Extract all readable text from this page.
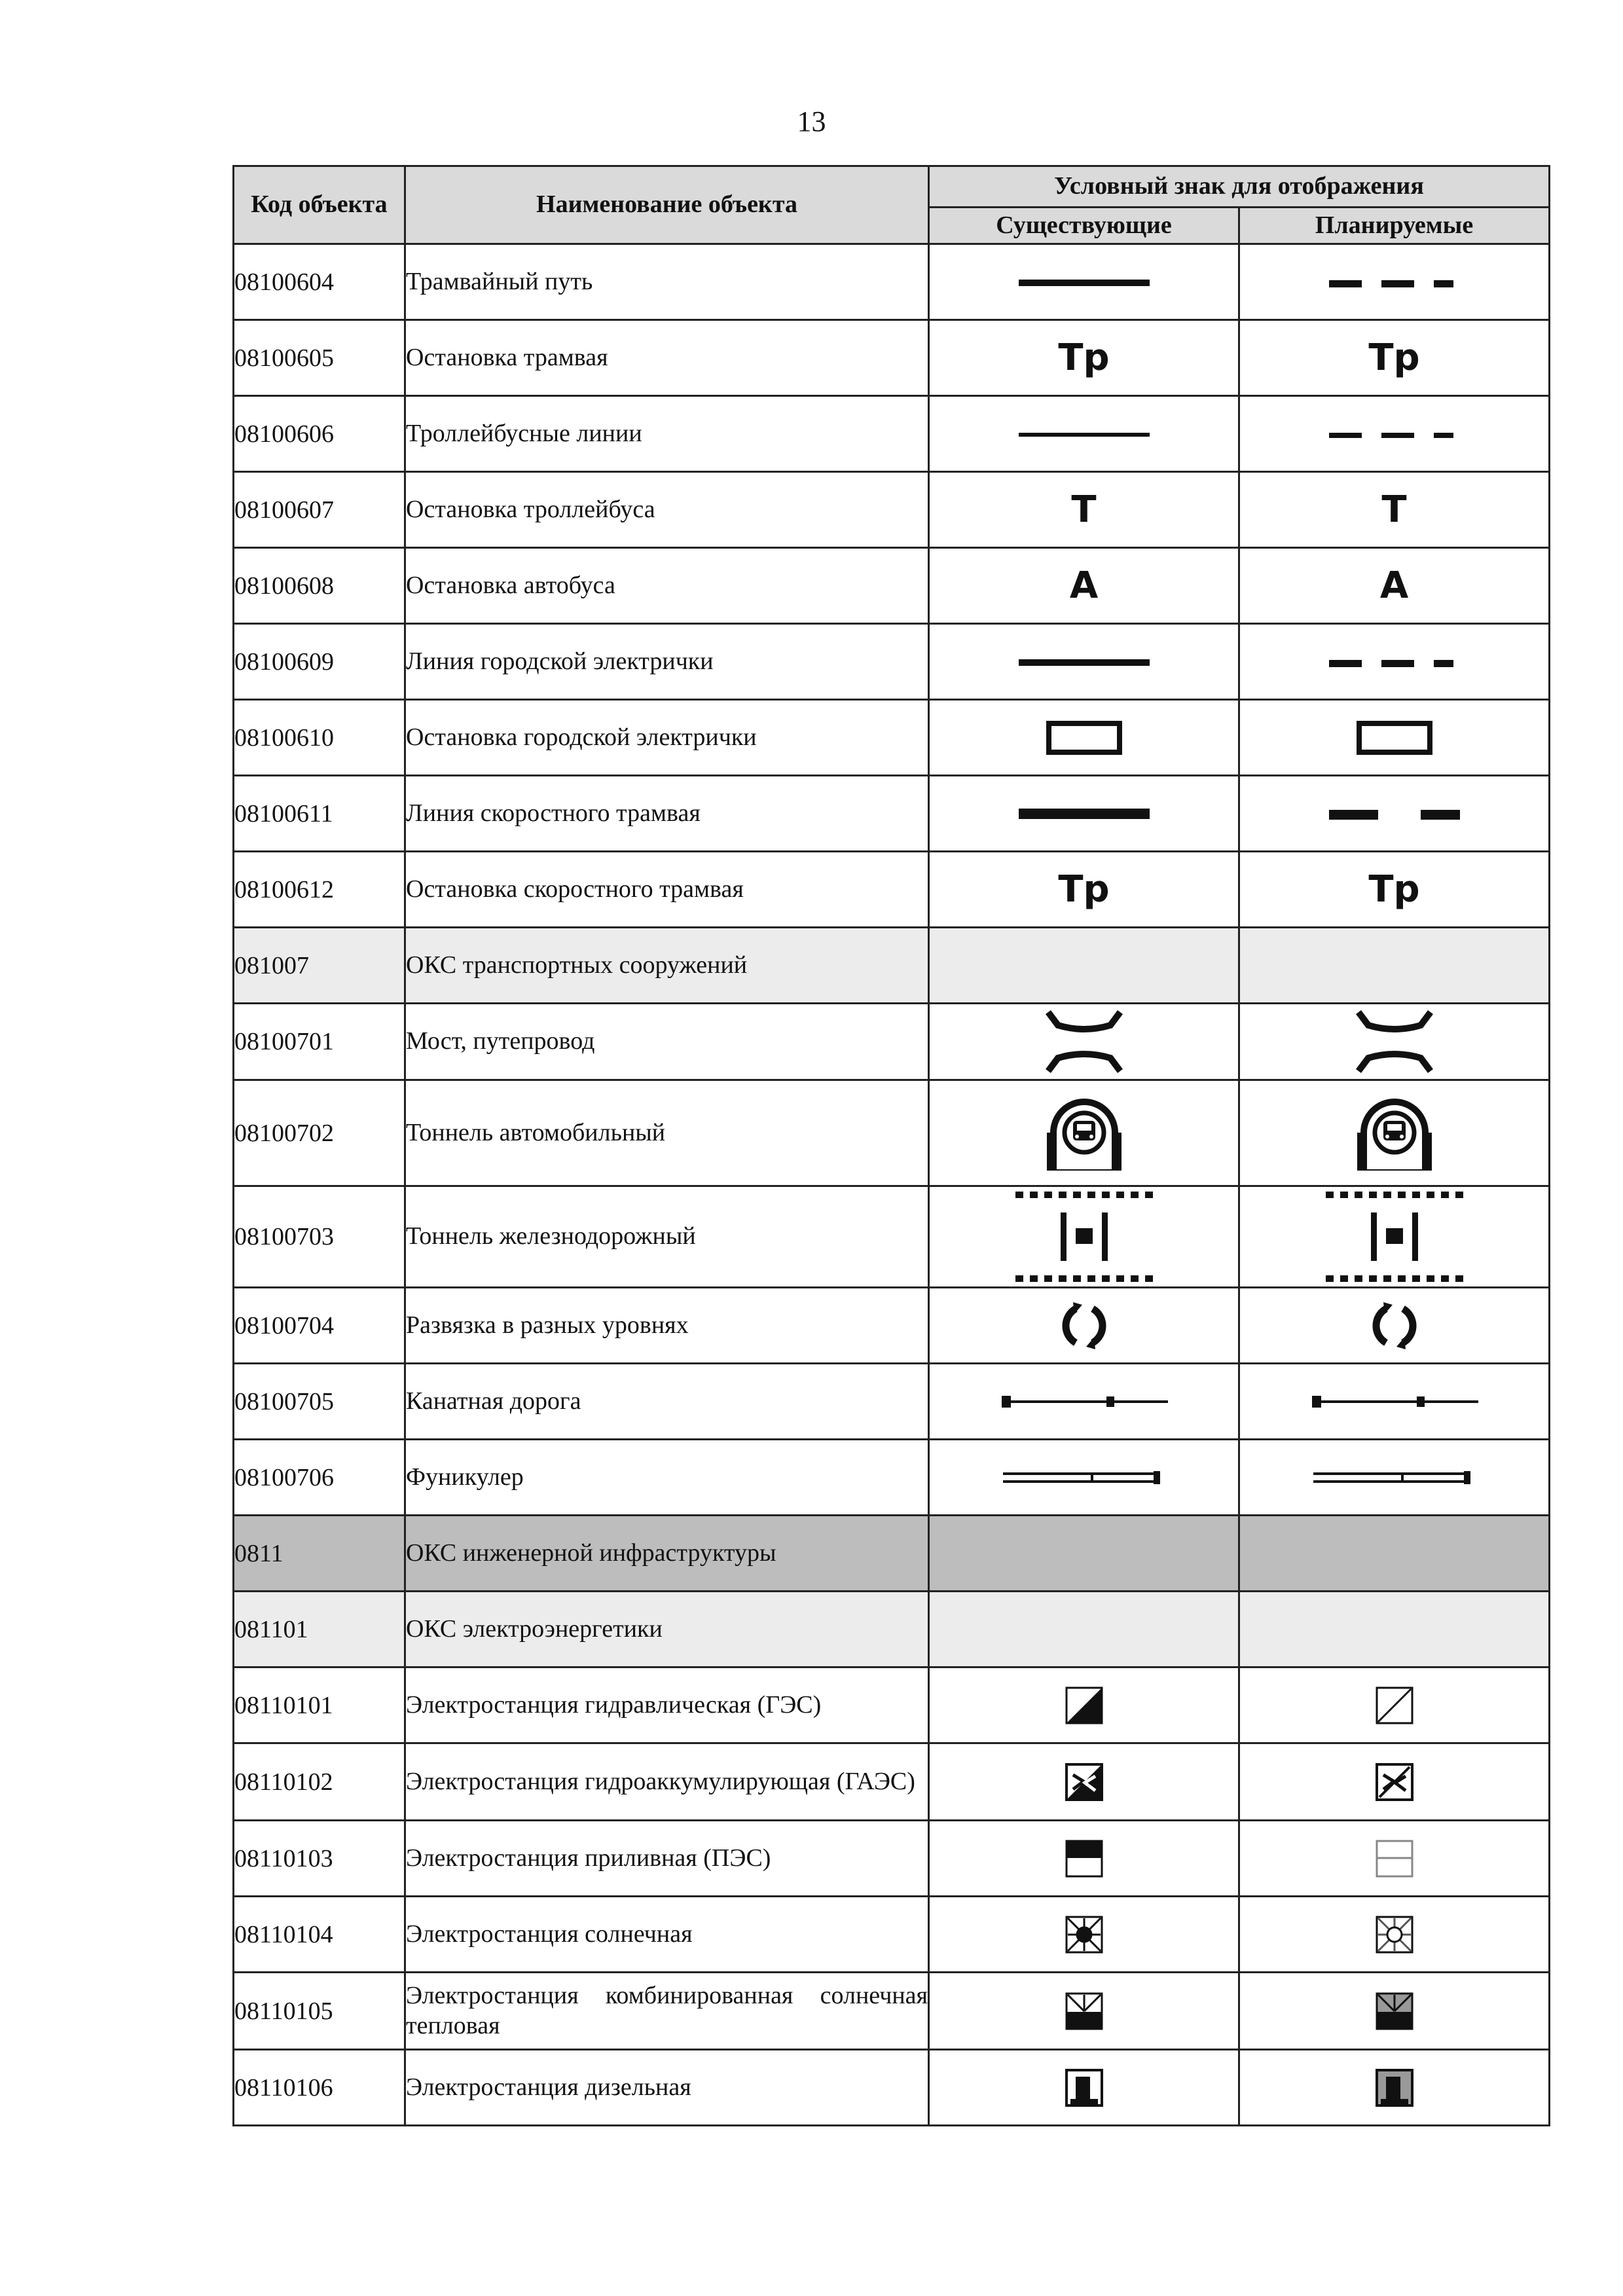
13
Код объекта	Наименование объекта	Условный знак для отображения	
		Существующие	Планируемые
08100604	Трамвайный путь		
08100605	Остановка трамвая	Тр	Тр
08100606	Троллейбусные линии		
08100607	Остановка троллейбуса	Т	Т
08100608	Остановка автобуса	А	А
08100609	Линия городской электрички		
08100610	Остановка городской электрички		
08100611	Линия скоростного трамвая		
08100612	Остановка скоростного трамвая	Тр	Тр
081007	ОКС транспортных сооружений		
08100701	Мост, путепровод		
08100702	Тоннель автомобильный		
08100703	Тоннель железнодорожный		
08100704	Развязка в разных уровнях		
08100705	Канатная дорога		
08100706	Фуникулер		
0811	ОКС инженерной инфраструктуры		
081101	ОКС электроэнергетики		
08110101	Электростанция гидравлическая (ГЭС)		
08110102	Электростанция гидроаккумулирующая (ГАЭС)		
08110103	Электростанция приливная (ПЭС)		
08110104	Электростанция солнечная		
08110105	Электростанция комбинированная солнечная тепловая		
08110106	Электростанция дизельная		
